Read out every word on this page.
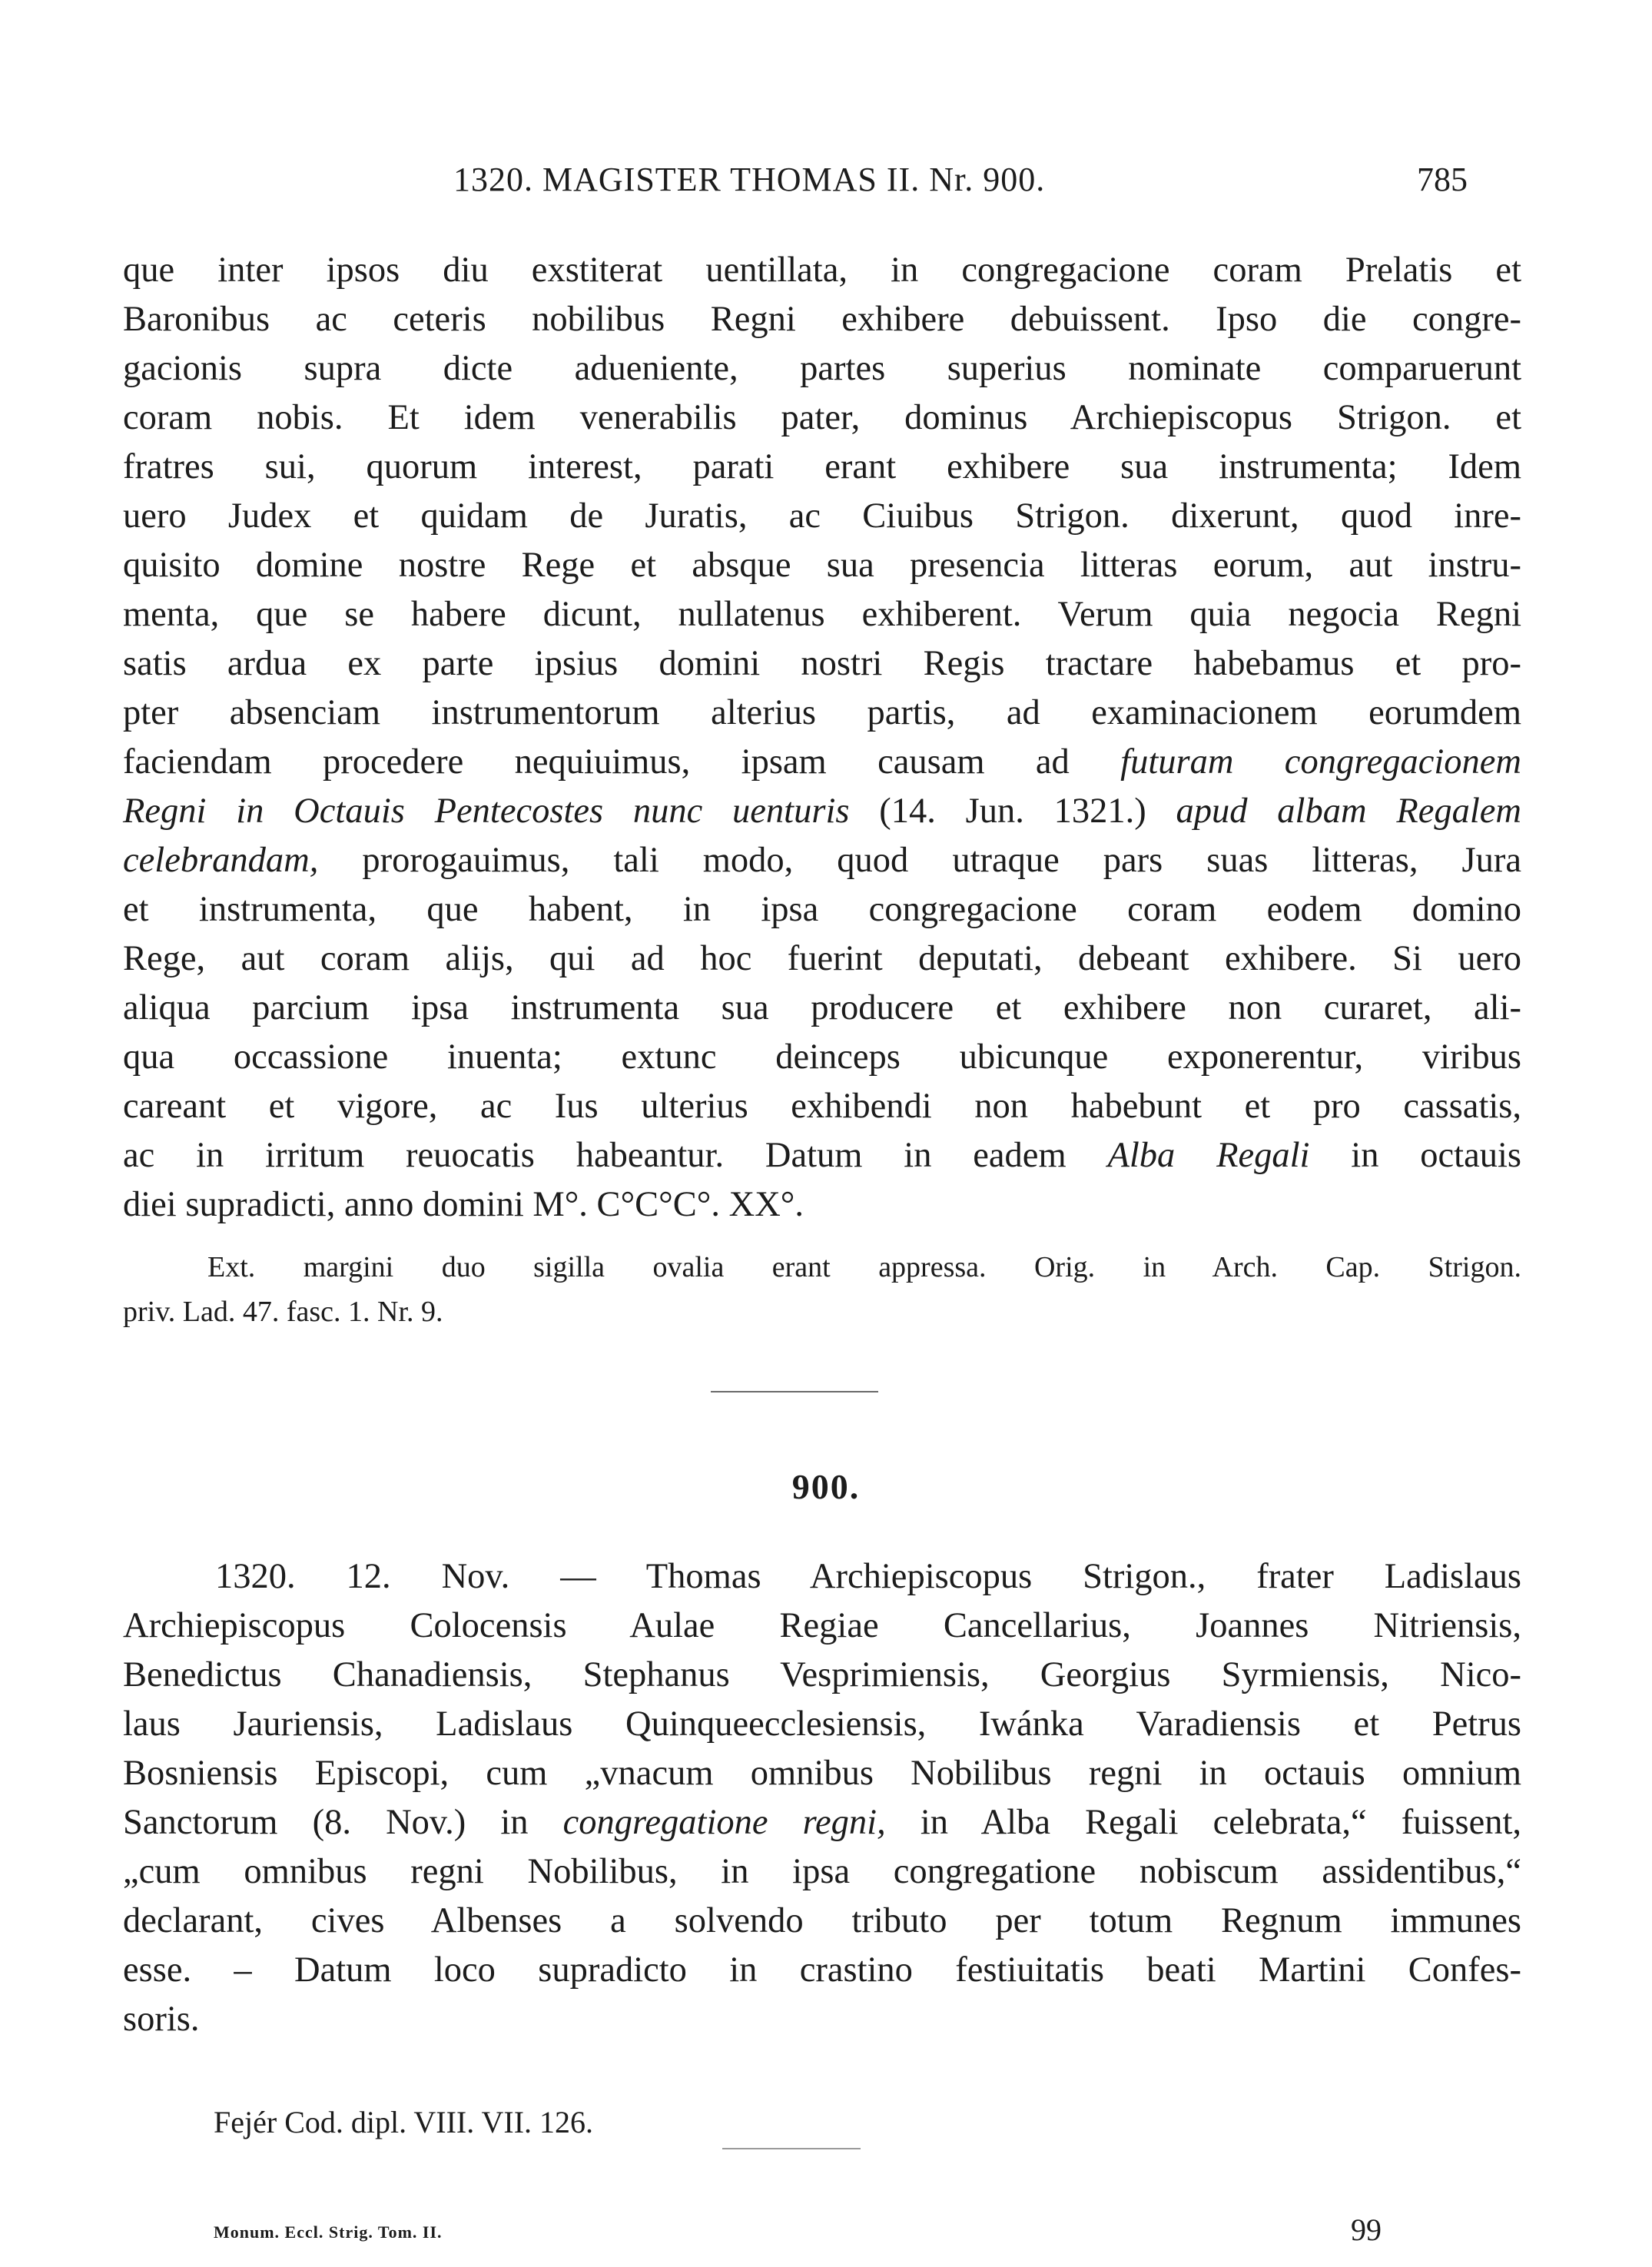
1320. MAGISTER THOMAS II. Nr. 900.	785
que inter ipsos diu exstiterat uentillata, in congregacione coram Prelatis et
Baronibus ac ceteris nobilibus Regni exhibere debuissent. Ipso die congre-
gacionis supra dicte adueniente, partes superius nominate comparuerunt
coram nobis. Et idem venerabilis pater, dominus Archiepiscopus Strigon. et
fratres sui, quorum interest, parati erant exhibere sua instrumenta; Idem
uero Judex et quidam de Juratis, ac Ciuibus Strigon. dixerunt, quod inre-
quisito domine nostre Rege et absque sua presencia litteras eorum, aut instru-
menta, que se habere dicunt, nullatenus exhiberent. Verum quia negocia Regni
satis ardua ex parte ipsius domini nostri Regis tractare habebamus et pro-
pter absenciam instrumentorum alterius partis, ad examinacionem eorumdem
faciendam procedere nequiuimus, ipsam causam ad futuram congregacionem
Regni in Octauis Pentecostes nunc uenturis (14. Jun. 1321.) apud albam Regalem
celebrandam, prorogauimus, tali modo, quod utraque pars suas litteras, Jura
et instrumenta, que habent, in ipsa congregacione coram eodem domino
Rege, aut coram alijs, qui ad hoc fuerint deputati, debeant exhibere. Si uero
aliqua parcium ipsa instrumenta sua producere et exhibere non curaret, ali-
qua occassione inuenta; extunc deinceps ubicunque exponerentur, viribus
careant et vigore, ac Ius ulterius exhibendi non habebunt et pro cassatis,
ac in irritum reuocatis habeantur. Datum in eadem Alba Regali in octauis
diei supradicti, anno domini M°. C°C°C°. XX°.
Ext. margini duo sigilla ovalia erant appressa. Orig. in Arch. Cap. Strigon.
priv. Lad. 47. fasc. 1. Nr. 9.
900.
1320. 12. Nov. — Thomas Archiepiscopus Strigon., frater Ladislaus
Archiepiscopus Colocensis Aulae Regiae Cancellarius, Joannes Nitriensis,
Benedictus Chanadiensis, Stephanus Vesprimiensis, Georgius Syrmiensis, Nico-
laus Jauriensis, Ladislaus Quinqueecclesiensis, Iwánka Varadiensis et Petrus
Bosniensis Episcopi, cum „vnacum omnibus Nobilibus regni in octauis omnium
Sanctorum (8. Nov.) in congregatione regni, in Alba Regali celebrata,“ fuissent,
„cum omnibus regni Nobilibus, in ipsa congregatione nobiscum assidentibus,“
declarant, cives Albenses a solvendo tributo per totum Regnum immunes
esse. – Datum loco supradicto in crastino festiuitatis beati Martini Confes-
soris.
Fejér Cod. dipl. VIII. VII. 126.
Monum. Eccl. Strig. Tom. II.	99
